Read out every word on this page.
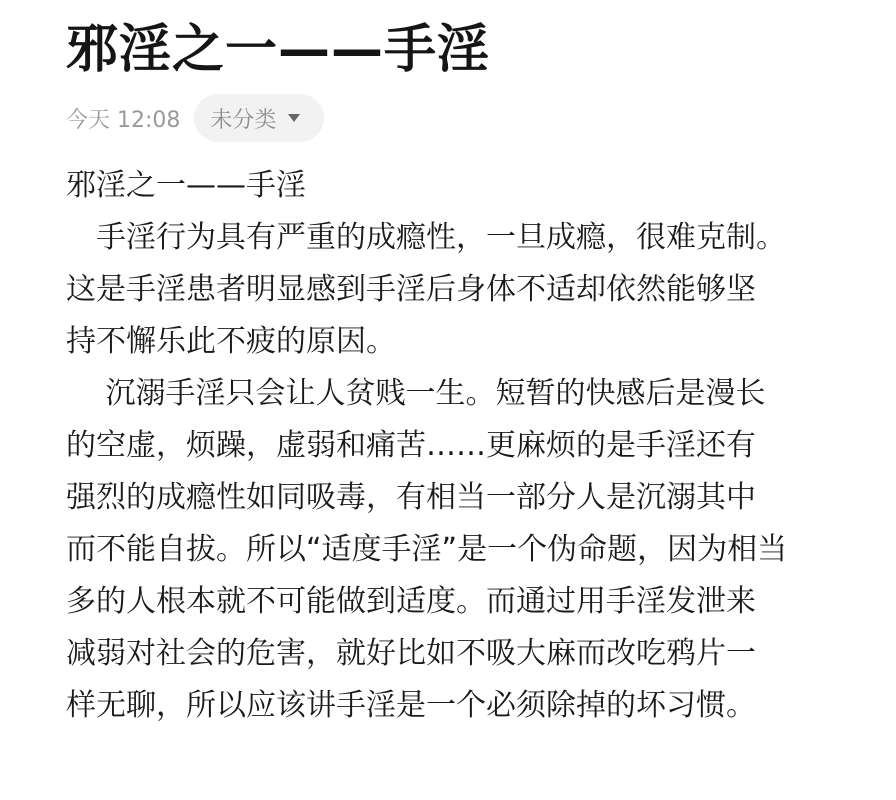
邪淫之一——手淫
今天 12:08 未分类
邪淫之一——手淫
　手淫行为具有严重的成瘾性，一旦成瘾，很难克制。
这是手淫患者明显感到手淫后身体不适却依然能够坚
持不懈乐此不疲的原因。
　 沉溺手淫只会让人贫贱一生。短暂的快感后是漫长
的空虚，烦躁，虚弱和痛苦……更麻烦的是手淫还有
强烈的成瘾性如同吸毒，有相当一部分人是沉溺其中
而不能自拔。所以“适度手淫”是一个伪命题，因为相当
多的人根本就不可能做到适度。而通过用手淫发泄来
减弱对社会的危害，就好比如不吸大麻而改吃鸦片一
样无聊，所以应该讲手淫是一个必须除掉的坏习惯。
